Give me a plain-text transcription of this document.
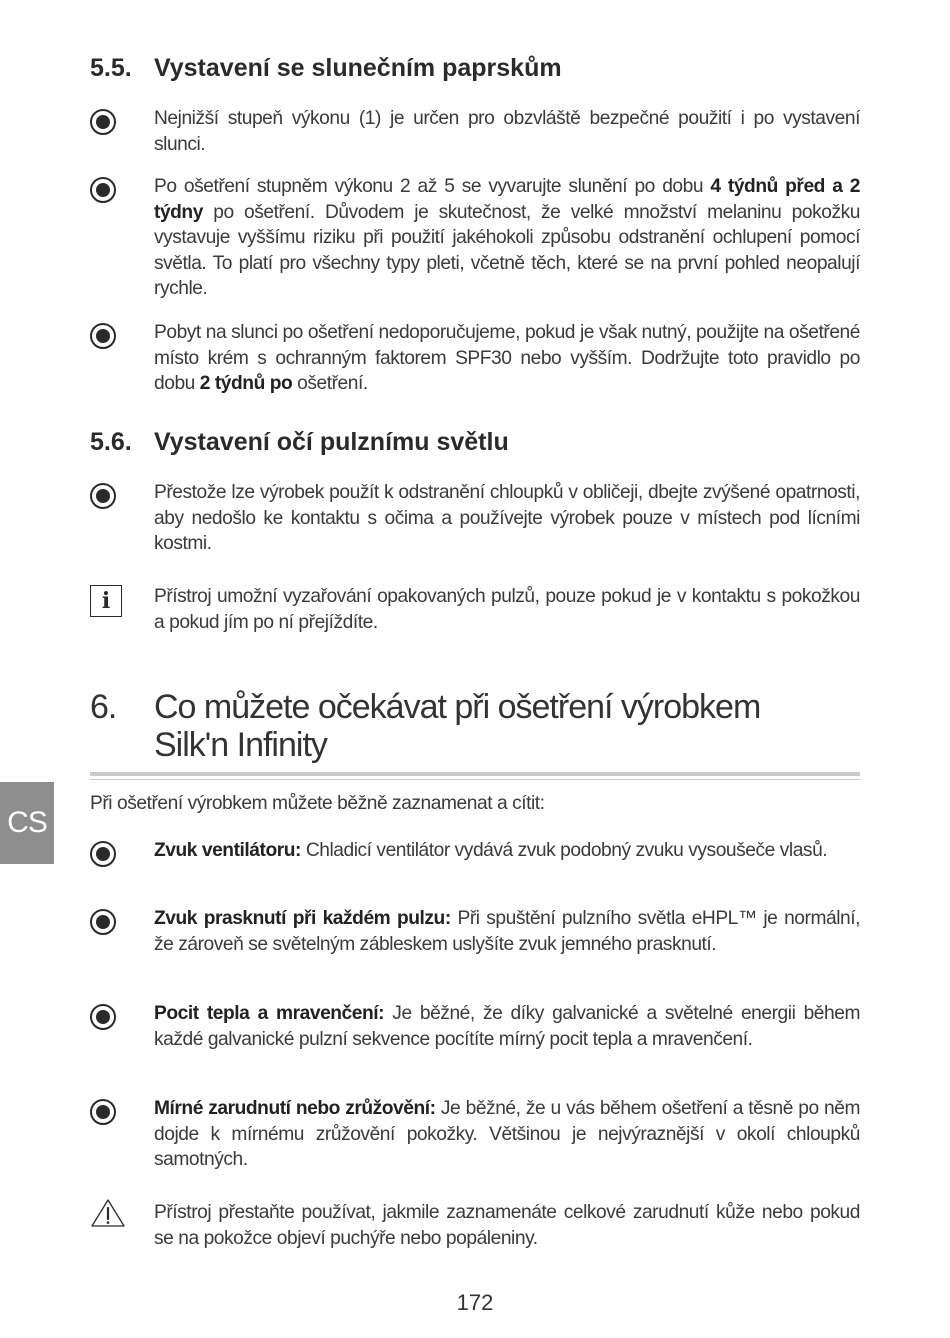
5.5. Vystavení se slunečním paprskům
Nejnižší stupeň výkonu (1) je určen pro obzvláště bezpečné použití i po vystavení slunci.
Po ošetření stupněm výkonu 2 až 5 se vyvarujte slunění po dobu 4 týdnů před a 2 týdny po ošetření. Důvodem je skutečnost, že velké množství melaninu pokožku vystavuje vyššímu riziku při použití jakéhokoli způsobu odstranění ochlupení pomocí světla. To platí pro všechny typy pleti, včetně těch, které se na první pohled neopalují rychle.
Pobyt na slunci po ošetření nedoporučujeme, pokud je však nutný, použijte na ošetřené místo krém s ochranným faktorem SPF30 nebo vyšším. Dodržujte toto pravidlo po dobu 2 týdnů po ošetření.
5.6. Vystavení očí pulznímu světlu
Přestože lze výrobek použít k odstranění chloupků v obličeji, dbejte zvýšené opatrnosti, aby nedošlo ke kontaktu s očima a používejte výrobek pouze v místech pod lícními kostmi.
i	Přístroj umožní vyzařování opakovaných pulzů, pouze pokud je v kontaktu s pokožkou a pokud jím po ní přejíždíte.
6. Co můžete očekávat při ošetření výrobkem
Silk'n Infinity
Při ošetření výrobkem můžete běžně zaznamenat a cítit:
Zvuk ventilátoru: Chladicí ventilátor vydává zvuk podobný zvuku vysoušeče vlasů.
Zvuk prasknutí při každém pulzu: Při spuštění pulzního světla eHPL™ je normální, že zároveň se světelným zábleskem uslyšíte zvuk jemného prasknutí.
Pocit tepla a mravenčení: Je běžné, že díky galvanické a světelné energii během každé galvanické pulzní sekvence pocítíte mírný pocit tepla a mravenčení.
Mírné zarudnutí nebo zrůžovění: Je běžné, že u vás během ošetření a těsně po něm dojde k mírnému zrůžovění pokožky. Většinou je nejvýraznější v okolí chloupků samotných.
Přístroj přestaňte používat, jakmile zaznamenáte celkové zarudnutí kůže nebo pokud se na pokožce objeví puchýře nebo popáleniny.
CS
172
